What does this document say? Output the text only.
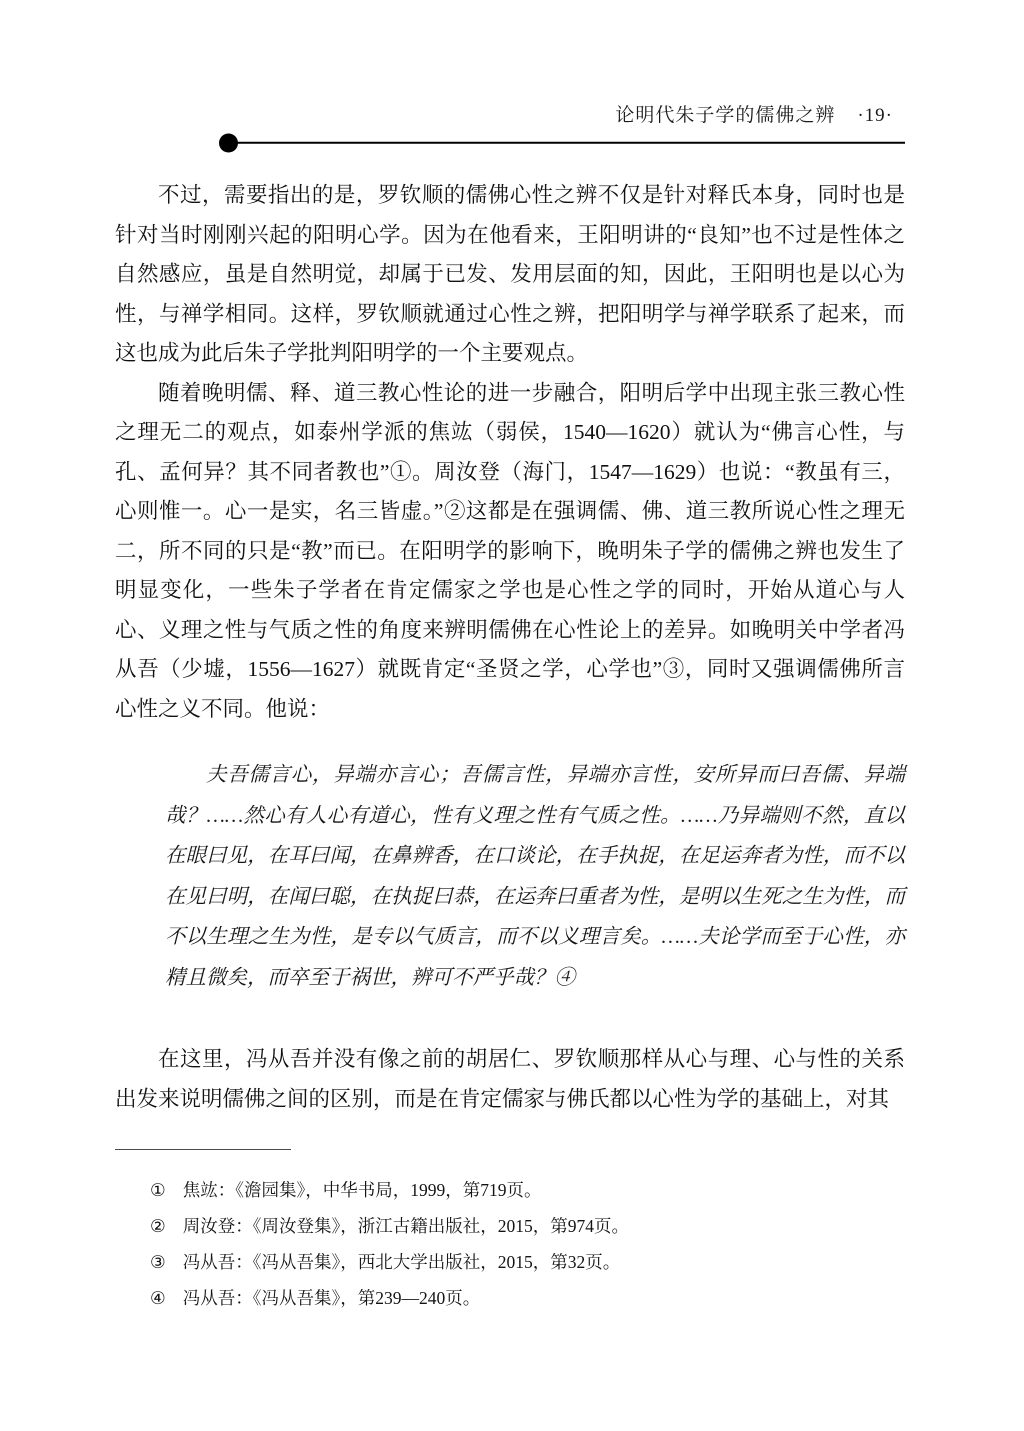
论明代朱子学的儒佛之辨 ·19·

不过，需要指出的是，罗钦顺的儒佛心性之辨不仅是针对释氏本身，同时也是针对当时刚刚兴起的阳明心学。因为在他看来，王阳明讲的“良知”也不过是性体之自然感应，虽是自然明觉，却属于已发、发用层面的知，因此，王阳明也是以心为性，与禅学相同。这样，罗钦顺就通过心性之辨，把阳明学与禅学联系了起来，而这也成为此后朱子学批判阳明学的一个主要观点。

随着晚明儒、释、道三教心性论的进一步融合，阳明后学中出现主张三教心性之理无二的观点，如泰州学派的焦竑（弱侯，1540—1620）就认为“佛言心性，与孔、孟何异？其不同者教也”①。周汝登（海门，1547—1629）也说：“教虽有三，心则惟一。心一是实，名三皆虚。”②这都是在强调儒、佛、道三教所说心性之理无二，所不同的只是“教”而已。在阳明学的影响下，晚明朱子学的儒佛之辨也发生了明显变化，一些朱子学者在肯定儒家之学也是心性之学的同时，开始从道心与人心、义理之性与气质之性的角度来辨明儒佛在心性论上的差异。如晚明关中学者冯从吾（少墟，1556—1627）就既肯定“圣贤之学，心学也”③，同时又强调儒佛所言心性之义不同。他说：

夫吾儒言心，异端亦言心；吾儒言性，异端亦言性，安所异而曰吾儒、异端哉？……然心有人心有道心，性有义理之性有气质之性。……乃异端则不然，直以在眼曰见，在耳曰闻，在鼻辨香，在口谈论，在手执捉，在足运奔者为性，而不以在见曰明，在闻曰聪，在执捉曰恭，在运奔曰重者为性，是明以生死之生为性，而不以生理之生为性，是专以气质言，而不以义理言矣。……夫论学而至于心性，亦精且微矣，而卒至于祸世，辨可不严乎哉？④

在这里，冯从吾并没有像之前的胡居仁、罗钦顺那样从心与理、心与性的关系出发来说明儒佛之间的区别，而是在肯定儒家与佛氏都以心性为学的基础上，对其

① 焦竑：《澹园集》，中华书局，1999，第719页。
② 周汝登：《周汝登集》，浙江古籍出版社，2015，第974页。
③ 冯从吾：《冯从吾集》，西北大学出版社，2015，第32页。
④ 冯从吾：《冯从吾集》，第239—240页。
